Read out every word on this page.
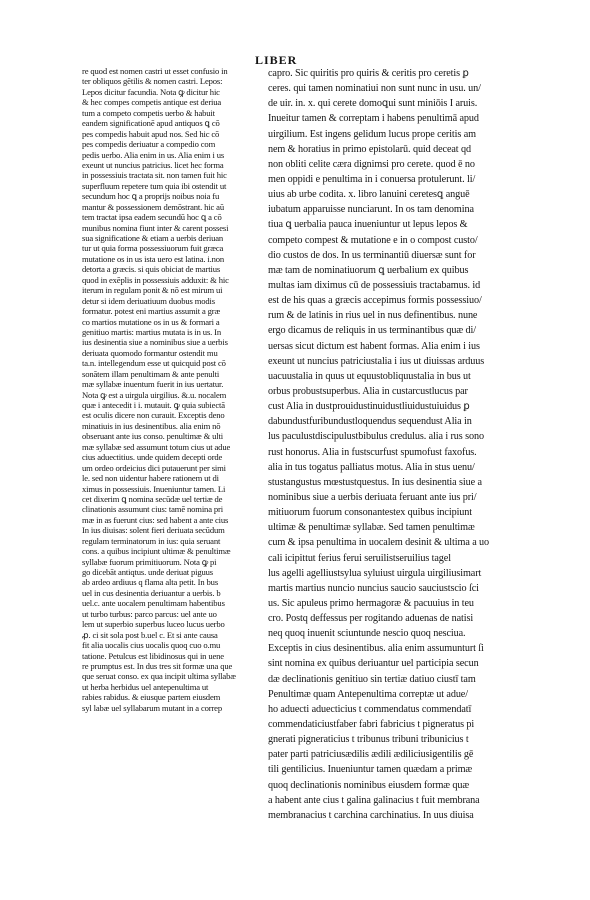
LIBER
re quod est nomen castri ut esset confusio in
ter obliquos gĕtilis & nomen castri. Lepos:
Lepos dicitur facundia. Nota ꝙ dicitur hic
& hec compes competis antique est deriua
tum a competo competis uerbo & habuit
eandem significationē apud antiquos ꝗ cō
pes compedis habuit apud nos. Sed hic cō
pes compedis deriuatur a compedio com
pedis uerbo. Alia enim in us. Alia enim i us
exeunt ut nuncius patricius. licet hec forma
in possessiuis tractata sit. non tamen fuit hic
superfluum repetere tum quia ibi ostendit ut
secundum hoc ꝗ a proprijs noibus noia fu
mantur & possessionem demōstrant. hic aũ
tem tractat ipsa eadem secundū hoc ꝗ a cō
munibus nomina fiunt inter & carent possesi
sua significatione & etiam a uerbis deriuan
tur ut quia forma possessiuorum fuit græca
mutatione os in us ista uero est latina. i.non
detorta a græcis. si quis obiciat de martius
quod in exēplis in possessiuis adduxit: & hic
iterum in regulam ponit & nō est mirum ui
detur si idem deriuatiuum duobus modis
formatur. potest eni martius assumit a græ
co martios mutatione os in us & formari a
genitiuo martis: martius mutata is in us. In
ius desinentia siue a nominibus siue a uerbis
deriuata quomodo formantur ostendit mu
ta.n. intellegendum esse ut quicquid post cō
sonātem illam penultimam & ante penulti
mæ syllabæ inuentum fuerit in ius uertatur.
Nota ꝙ est a uirgula uirgilius. &.u. nocalem
quæ i antecedit i i. mutauit. ꝙ quia subiectā
est oculis dicere non curauit. Exceptis deno
minatiuis in ius desinentibus. alia enim nō
obseruant ante ius conso. penultimæ & ulti
mæ syllabæ sed assumunt totum cius ut adue
cius aduectitius. unde quidem decepti orde
um ordeo ordeicius dici putauerunt per simi
le. sed non uidentur habere rationem ut di
ximus in possessiuis. Inueniuntur tamen. Li
cet dixerim ꝗ nomina secūdæ uel tertiæ de
clinationis assumunt cius: tamē nomina pri
mæ in as fuerunt cius: sed habent a ante cius
In ius diuisas: solent fieri deriuata secūdum
regulam terminatorum in ius: quia seruant
cons. a quibus incipiunt ultimæ & penultimæ
syllabæ fuorum primitiuorum. Nota ꝙ pi
go dicebāt antiqtus. unde deriuat piguus
ab ardeo ardiuus q flama alta petit. In bus
uel in cus desinentia deriuantur a uerbis. b
uel.c. ante uocalem penultimam habentibus
ut turbo turbus: parco parcus: uel ante uo
lem ut superbio superbus luceo lucus uerbo
ꝓ. ci sit sola post b.uel c. Et si ante causa
fit alia uocalis cius uocalis quoq cuo o.mu
tatione. Petulcus est libidinosus qui in uene
re prumptus est. In dus tres sit formæ una que
que seruat conso. ex qua incipit ultima syllabæ
ut herba herbidus uel antepenultima ut
rabies rabidus. & eiusque partem eiusdem
syl labæ uel syllabarum mutant in a correp
capro. Sic quiritis pro quiris & ceritis pro ceretis ꝑ
ceres. qui tamen nominatiui non sunt nunc in usu. un/
de uir. in. x. qui cerete domoꝗui sunt miniōis I aruis.
Inueitur tamen & correptam i habens penultimā apud
uirgilium. Est ingens gelidum lucus prope ceritis am
nem & horatius in primo epistolarū. quid deceat qd
non obliti celite cæra dignimsi pro cerete. quod ē no
men oppidi e penultima in i conuersa protulerunt. li/
uius ab urbe codita. x. libro lanuini ceretesꝗ anguē
iubatum apparuisse nunciarunt. In os tam denomina
tiua ꝗ uerbalia pauca inueniuntur ut lepus lepos &
competo compest & mutatione e in o compost custo/
dio custos de dos. In us terminantiū diuersæ sunt for
mæ tam de nominatiuorum ꝗ uerbalium ex quibus
multas iam diximus cū de possessiuis tractabamus. id
est de his quas a græcis accepimus formis possessiuo/
rum & de latinis in rius uel in nus definentibus. nune
ergo dicamus de reliquis in us terminantibus quæ di/
uersas sicut dictum est habent formas. Alia enim i ius
exeunt ut nuncius patriciustalia i ius ut diuissas arduus
uacuustalia in quus ut equustobliquustalia in bus ut
orbus probustsuperbus. Alia in custarcustlucus par
cust Alia in dustprouidustinuidustliuidustuiuidus ꝑ
dabundustfuribundustloquendus sequendust Alia in
lus paculustdiscipulustbibulus credulus. alia i rus sono
rust honorus. Alia in fustscurfust spumofust faxofus.
alia in tus togatus palliatus motus. Alia in stus uenu/
stustangustus mœstustquestus. In ius desinentia siue a
nominibus siue a uerbis deriuata feruant ante ius pri/
mitiuorum fuorum consonantestex quibus incipiunt
ultimæ & penultimæ syllabæ. Sed tamen penultimæ
cum & ipsa penultima in uocalem desinit & ultima a uo
cali icipittut ferius ferui seruilistseruilius tagel
lus agelli agelliustsylua syluiust uirgula uirgiliusimart
martis martius nuncio nuncius saucio sauciustscio ſci
us. Sic apuleus primo hermagoræ & pacuuius in teu
cro. Postq deffessus per rogitando aduenas de natisi
neq quoq inuenit sciuntunde nescio quoq nesciua.
Exceptis in cius desinentibus. alia enim assumunturt ſi
sint nomina ex quibus deriuantur uel participia secun
dæ declinationis genitiuo sin tertiæ datiuo ciustī tam
Penultimæ quam Antepenultima correptæ ut adue/
ho aduecti aduecticius t commendatus commendatī
commendaticiustfaber fabri fabricius t pigneratus pi
gnerati pigneraticius t tribunus tribuni tribunicius t
pater parti patriciusædilis ædili ædiliciusigentilis gē
tili gentilicius. Inueniuntur tamen quædam a primæ
quoq declinationis nominibus eiusdem formæ quæ
a habent ante cius t galina galinacius t fuit membrana
membranacius t carchina carchinatius. In uus diuisa
